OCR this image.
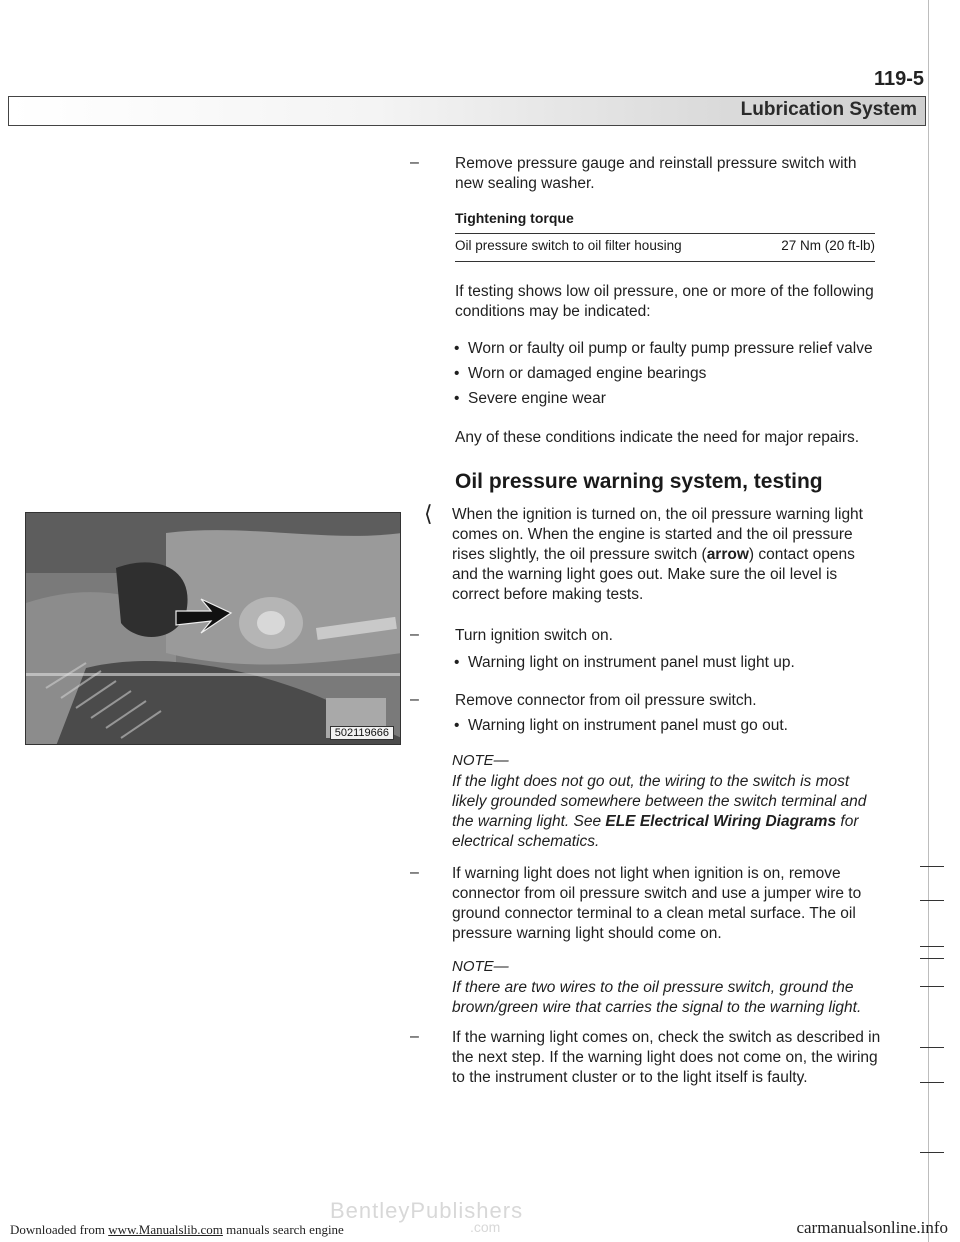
119-5
Lubrication System
– Remove pressure gauge and reinstall pressure switch with new sealing washer.
Tightening torque
Oil pressure switch to oil filter housing	27 Nm (20 ft-lb)
If testing shows low oil pressure, one or more of the following conditions may be indicated:
• Worn or faulty oil pump or faulty pump pressure relief valve
• Worn or damaged engine bearings
• Severe engine wear
Any of these conditions indicate the need for major repairs.
Oil pressure warning system, testing
502119666
⟨ When the ignition is turned on, the oil pressure warning light comes on. When the engine is started and the oil pressure rises slightly, the oil pressure switch (arrow) contact opens and the warning light goes out. Make sure the oil level is correct before making tests.
– Turn ignition switch on.
• Warning light on instrument panel must light up.
– Remove connector from oil pressure switch.
• Warning light on instrument panel must go out.
NOTE—
If the light does not go out, the wiring to the switch is most likely grounded somewhere between the switch terminal and the warning light. See ELE Electrical Wiring Diagrams for electrical schematics.
– If warning light does not light when ignition is on, remove connector from oil pressure switch and use a jumper wire to ground connector terminal to a clean metal surface. The oil pressure warning light should come on.
NOTE—
If there are two wires to the oil pressure switch, ground the brown/green wire that carries the signal to the warning light.
– If the warning light comes on, check the switch as described in the next step. If the warning light does not come on, the wiring to the instrument cluster or to the light itself is faulty.
BentleyPublishers
.com
Downloaded from www.Manualslib.com manuals search engine	carmanualsonline.info
